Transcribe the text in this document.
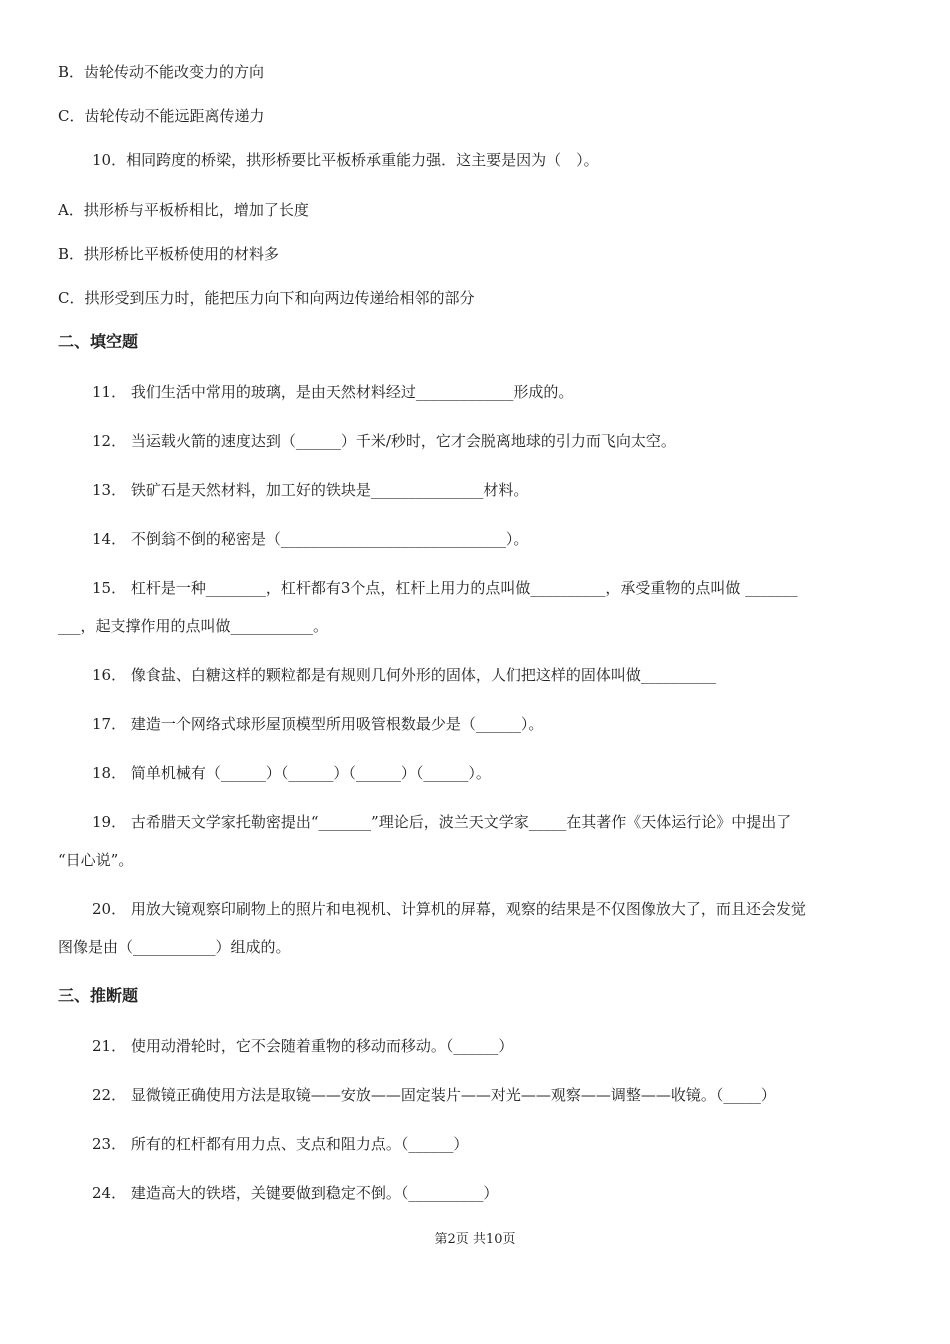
B．齿轮传动不能改变力的方向
C．齿轮传动不能远距离传递力
10．相同跨度的桥梁，拱形桥要比平板桥承重能力强．这主要是因为（　）。
A．拱形桥与平板桥相比，增加了长度
B．拱形桥比平板桥使用的材料多
C．拱形受到压力时，能把压力向下和向两边传递给相邻的部分
二、填空题
11． 我们生活中常用的玻璃，是由天然材料经过_____________形成的。
12． 当运载火箭的速度达到（______）千米/秒时，它才会脱离地球的引力而飞向太空。
13． 铁矿石是天然材料，加工好的铁块是_______________材料。
14． 不倒翁不倒的秘密是（______________________________）。
15． 杠杆是一种________，杠杆都有3个点，杠杆上用力的点叫做__________，承受重物的点叫做 _______
___，起支撑作用的点叫做___________。
16． 像食盐、白糖这样的颗粒都是有规则几何外形的固体，人们把这样的固体叫做__________
17． 建造一个网络式球形屋顶模型所用吸管根数最少是（______）。
18． 简单机械有（______）（______）（______）（______）。
19． 古希腊天文学家托勒密提出“_______”理论后，波兰天文学家_____在其著作《天体运行论》中提出了
“日心说”。
20． 用放大镜观察印刷物上的照片和电视机、计算机的屏幕，观察的结果是不仅图像放大了，而且还会发觉
图像是由（___________）组成的。
三、推断题
21． 使用动滑轮时，它不会随着重物的移动而移动。（______）
22． 显微镜正确使用方法是取镜——安放——固定装片——对光——观察——调整——收镜。（_____）
23． 所有的杠杆都有用力点、支点和阻力点。（______）
24． 建造高大的铁塔，关键要做到稳定不倒。（__________）
第2页 共10页
